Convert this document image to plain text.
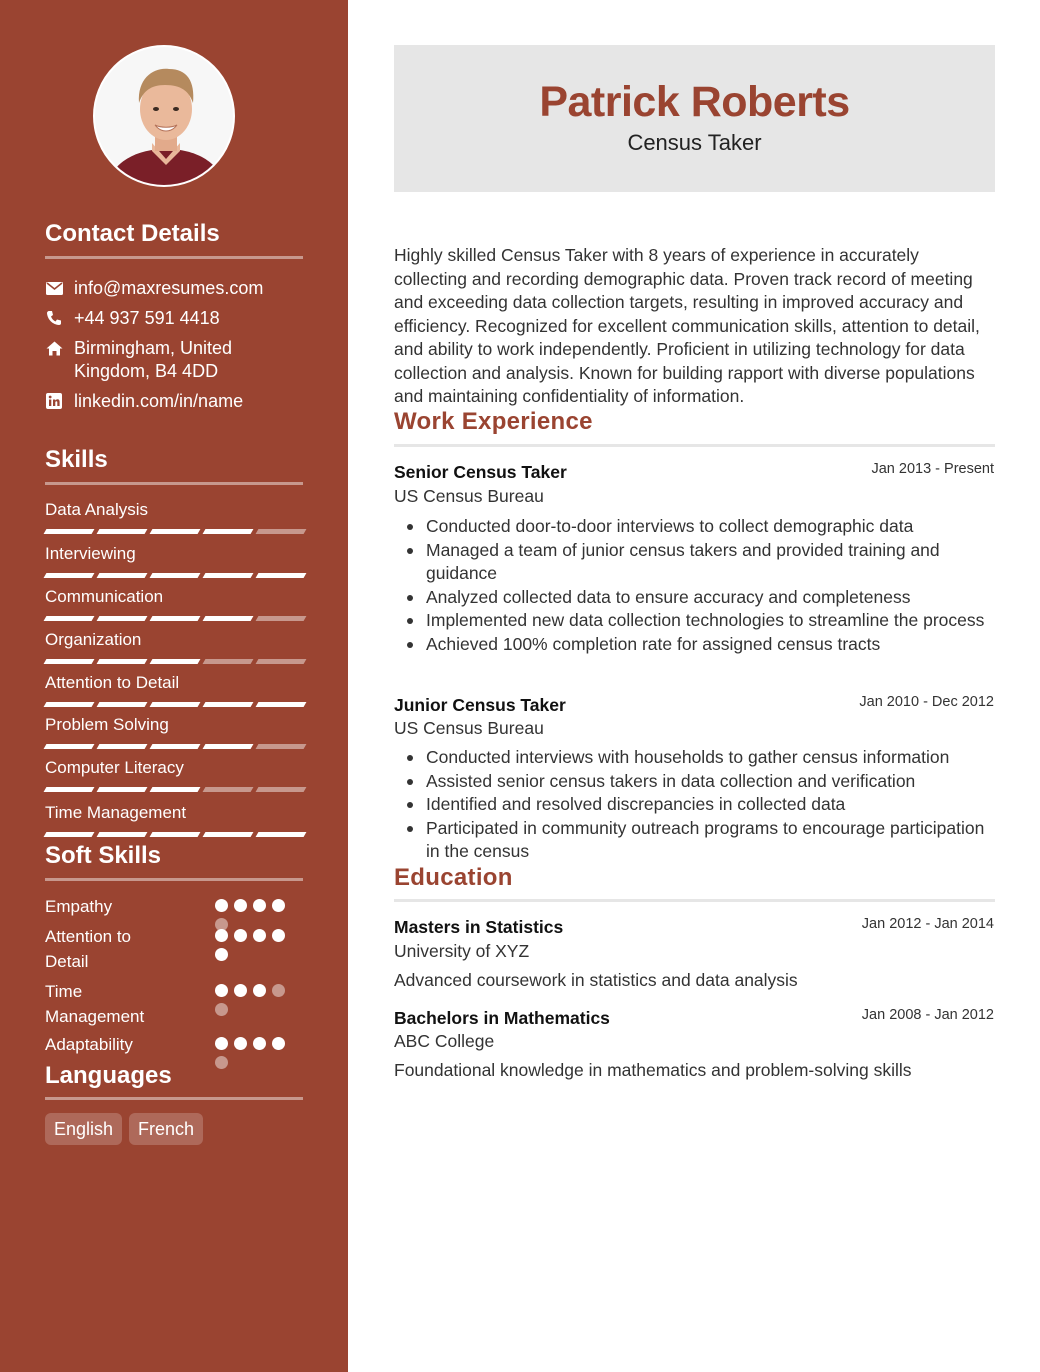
Contact Details
info@maxresumes.com
+44 937 591 4418
Birmingham, United Kingdom, B4 4DD
linkedin.com/in/name
Skills
Data Analysis
Interviewing
Communication
Organization
Attention to Detail
Problem Solving
Computer Literacy
Time Management
Soft Skills
Empathy
Attention to Detail
Time Management
Adaptability
Languages
English	French
Patrick Roberts
Census Taker
Highly skilled Census Taker with 8 years of experience in accurately collecting and recording demographic data. Proven track record of meeting and exceeding data collection targets, resulting in improved accuracy and efficiency. Recognized for excellent communication skills, attention to detail, and ability to work independently. Proficient in utilizing technology for data collection and analysis. Known for building rapport with diverse populations and maintaining confidentiality of information.
Work Experience
Senior Census Taker	Jan 2013 - Present
US Census Bureau
Conducted door-to-door interviews to collect demographic data
Managed a team of junior census takers and provided training and guidance
Analyzed collected data to ensure accuracy and completeness
Implemented new data collection technologies to streamline the process
Achieved 100% completion rate for assigned census tracts
Junior Census Taker	Jan 2010 - Dec 2012
US Census Bureau
Conducted interviews with households to gather census information
Assisted senior census takers in data collection and verification
Identified and resolved discrepancies in collected data
Participated in community outreach programs to encourage participation in the census
Education
Masters in Statistics	Jan 2012 - Jan 2014
University of XYZ
Advanced coursework in statistics and data analysis
Bachelors in Mathematics	Jan 2008 - Jan 2012
ABC College
Foundational knowledge in mathematics and problem-solving skills
